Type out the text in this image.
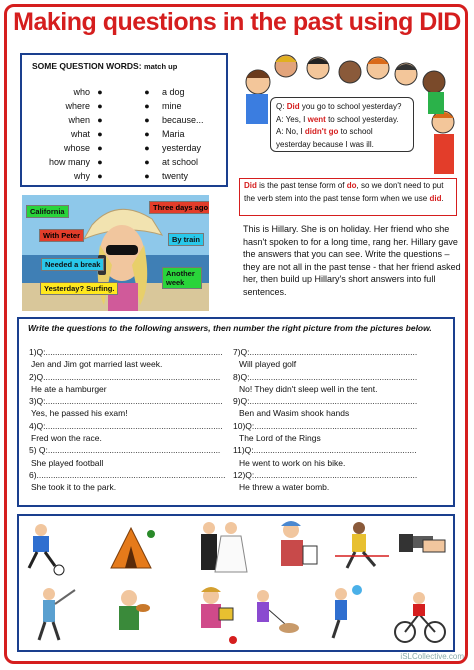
Making questions in the past using DID
SOME QUESTION WORDS: match up
who
where
when
what
whose
how many
why
●
●
●
●
●
●
●
●
●
●
●
●
●
●
a dog
mine
because...
Maria
yesterday
at school
twenty
Q: Did you go to school yesterday?
A: Yes, I went to school yesterday.
A: No, I didn't go to school
yesterday because I was ill.
Did is the past tense form of do, so we don't need to put the verb stem into the past tense form when we use did.
California	Three days ago
With Peter	By train
Needed a break
Another week
Yesterday? Surfing.
This is Hillary. She is on holiday. Her friend who she hasn't spoken to for a long time, rang her. Hillary gave the answers that you can see. Write the questions – they are not all in the past tense - that her friend asked her, then build up Hillary's short answers into full sentences.
Write the questions to the following answers, then number the right picture from the pictures below.
1)Q:...........................................................................
Jen and Jim got married last week.
2)Q...........................................................................
He ate a hamburger
3)Q:...........................................................................
Yes, he passed his exam!
4)Q:...........................................................................
Fred won the race.
5) Q:.........................................................................
She played football
6)................................................................................
She took it to the park.
7)Q:.......................................................................
Will played golf
8)Q:.......................................................................
No! They didn't sleep well in the tent.
9)Q:.......................................................................
Ben and Wasim shook hands
10)Q:.....................................................................
The Lord of the Rings
11)Q:.....................................................................
He went to work on his bike.
12)Q:.....................................................................
He threw a water bomb.
iSLCollective.com
